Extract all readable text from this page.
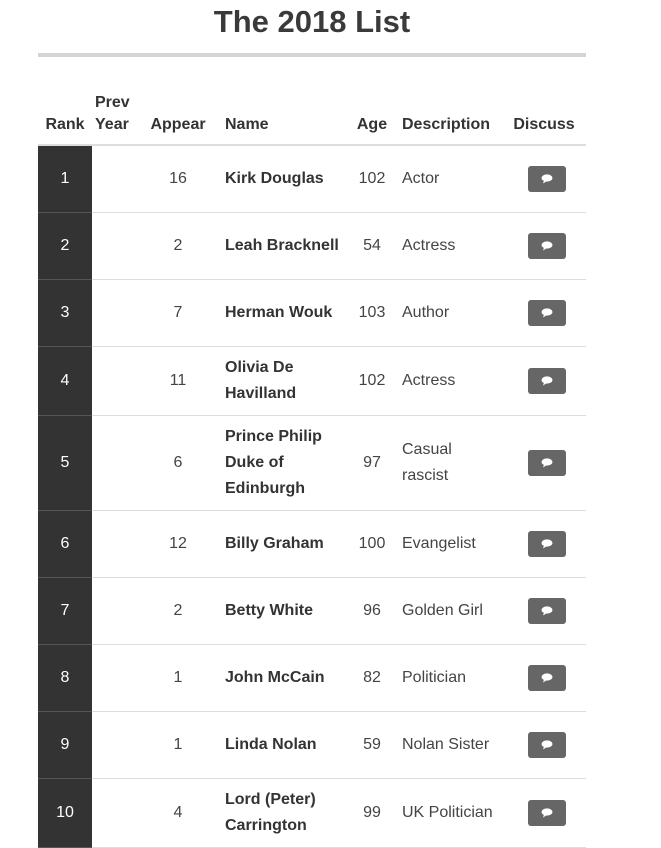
The 2018 List
Rank	Prev Year	Appear	Name	Age	Description	Discuss
1		16	Kirk Douglas	102	Actor	

2		2	Leah Bracknell	54	Actress	

3		7	Herman Wouk	103	Author	

4		11	Olivia De Havilland	102	Actress	

5		6	Prince Philip Duke of Edinburgh	97	Casual rascist	

6		12	Billy Graham	100	Evangelist	

7		2	Betty White	96	Golden Girl	

8		1	John McCain	82	Politician	

9		1	Linda Nolan	59	Nolan Sister	

10		4	Lord (Peter) Carrington	99	UK Politician	
